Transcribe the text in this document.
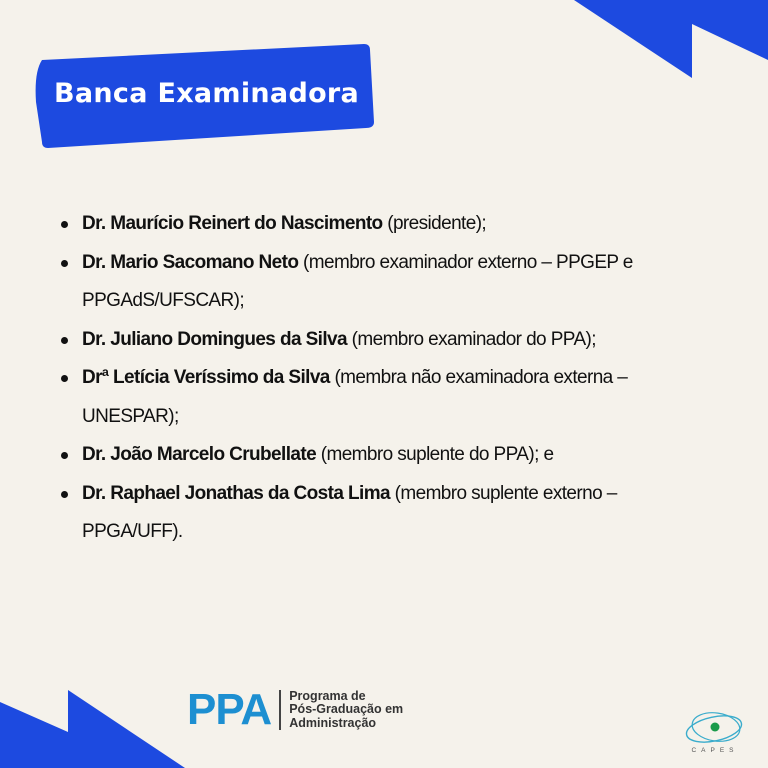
Banca Examinadora
Dr. Maurício Reinert do Nascimento (presidente);
Dr. Mario Sacomano Neto (membro examinador externo – PPGEP e PPGAdS/UFSCAR);
Dr. Juliano Domingues da Silva (membro examinador do PPA);
Drª Letícia Veríssimo da Silva (membra não examinadora externa – UNESPAR);
Dr. João Marcelo Crubellate (membro suplente do PPA); e
Dr. Raphael Jonathas da Costa Lima (membro suplente externo – PPGA/UFF).
PPA Programa de
Pós-Graduação em
Administração
CAPES
